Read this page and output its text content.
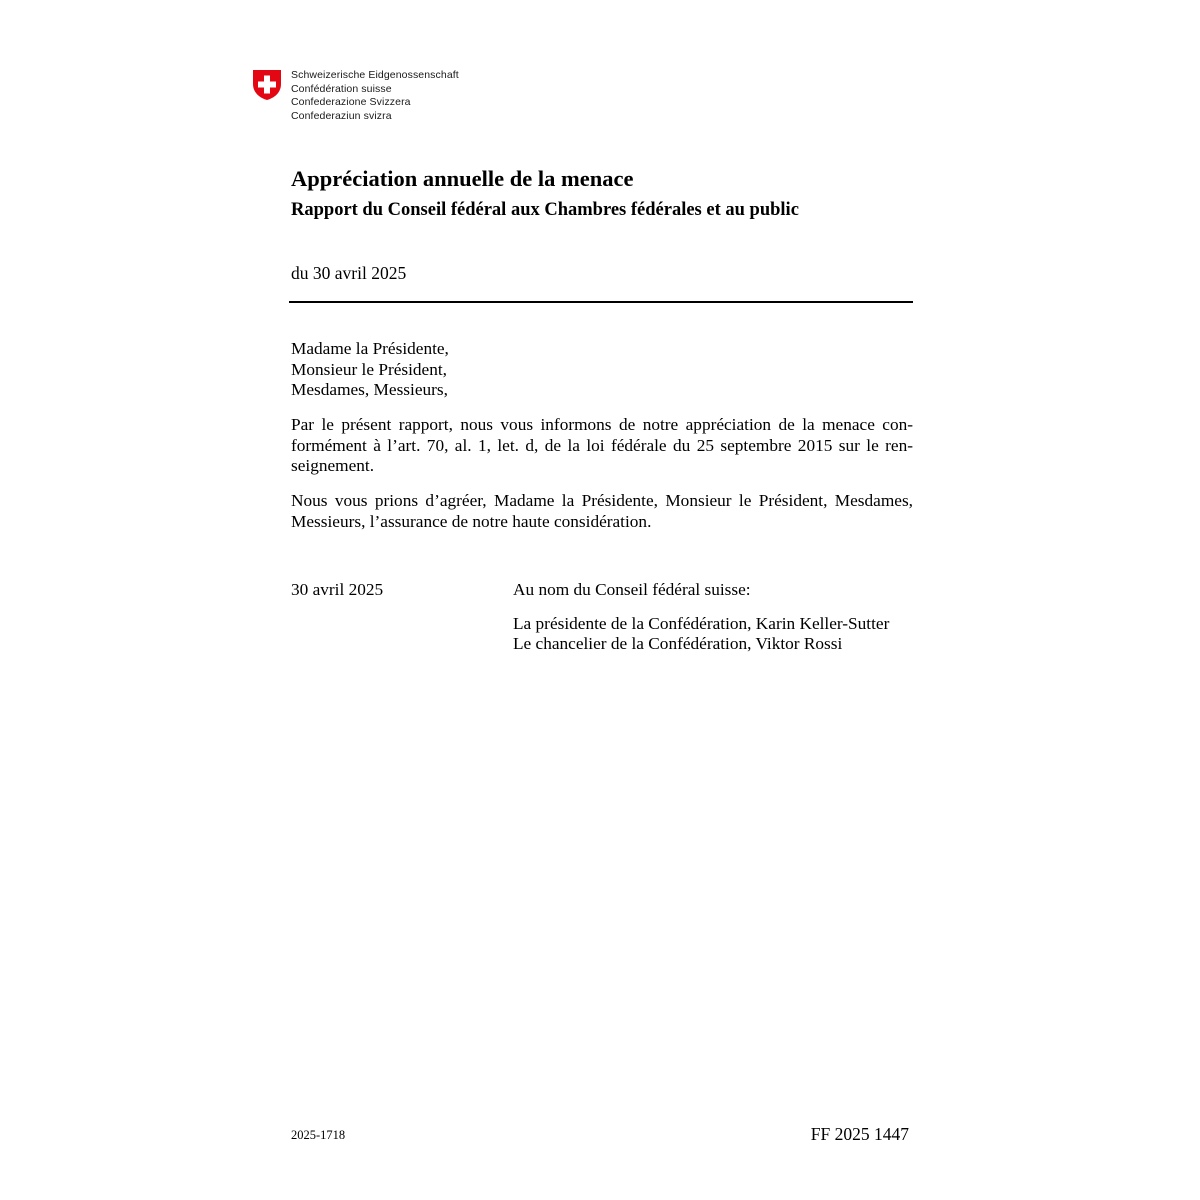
Schweizerische Eidgenossenschaft
Confédération suisse
Confederazione Svizzera
Confederaziun svizra
Appréciation annuelle de la menace
Rapport du Conseil fédéral aux Chambres fédérales et au public
du 30 avril 2025
Madame la Présidente,
Monsieur le Président,
Mesdames, Messieurs,
Par le présent rapport, nous vous informons de notre appréciation de la menace con-
formément à l’art. 70, al. 1, let. d, de la loi fédérale du 25 septembre 2015 sur le ren-
seignement.
Nous vous prions d’agréer, Madame la Présidente, Monsieur le Président, Mesdames,
Messieurs, l’assurance de notre haute considération.
30 avril 2025	Au nom du Conseil fédéral suisse:
La présidente de la Confédération, Karin Keller-Sutter
Le chancelier de la Confédération, Viktor Rossi
2025-1718	FF 2025 1447
